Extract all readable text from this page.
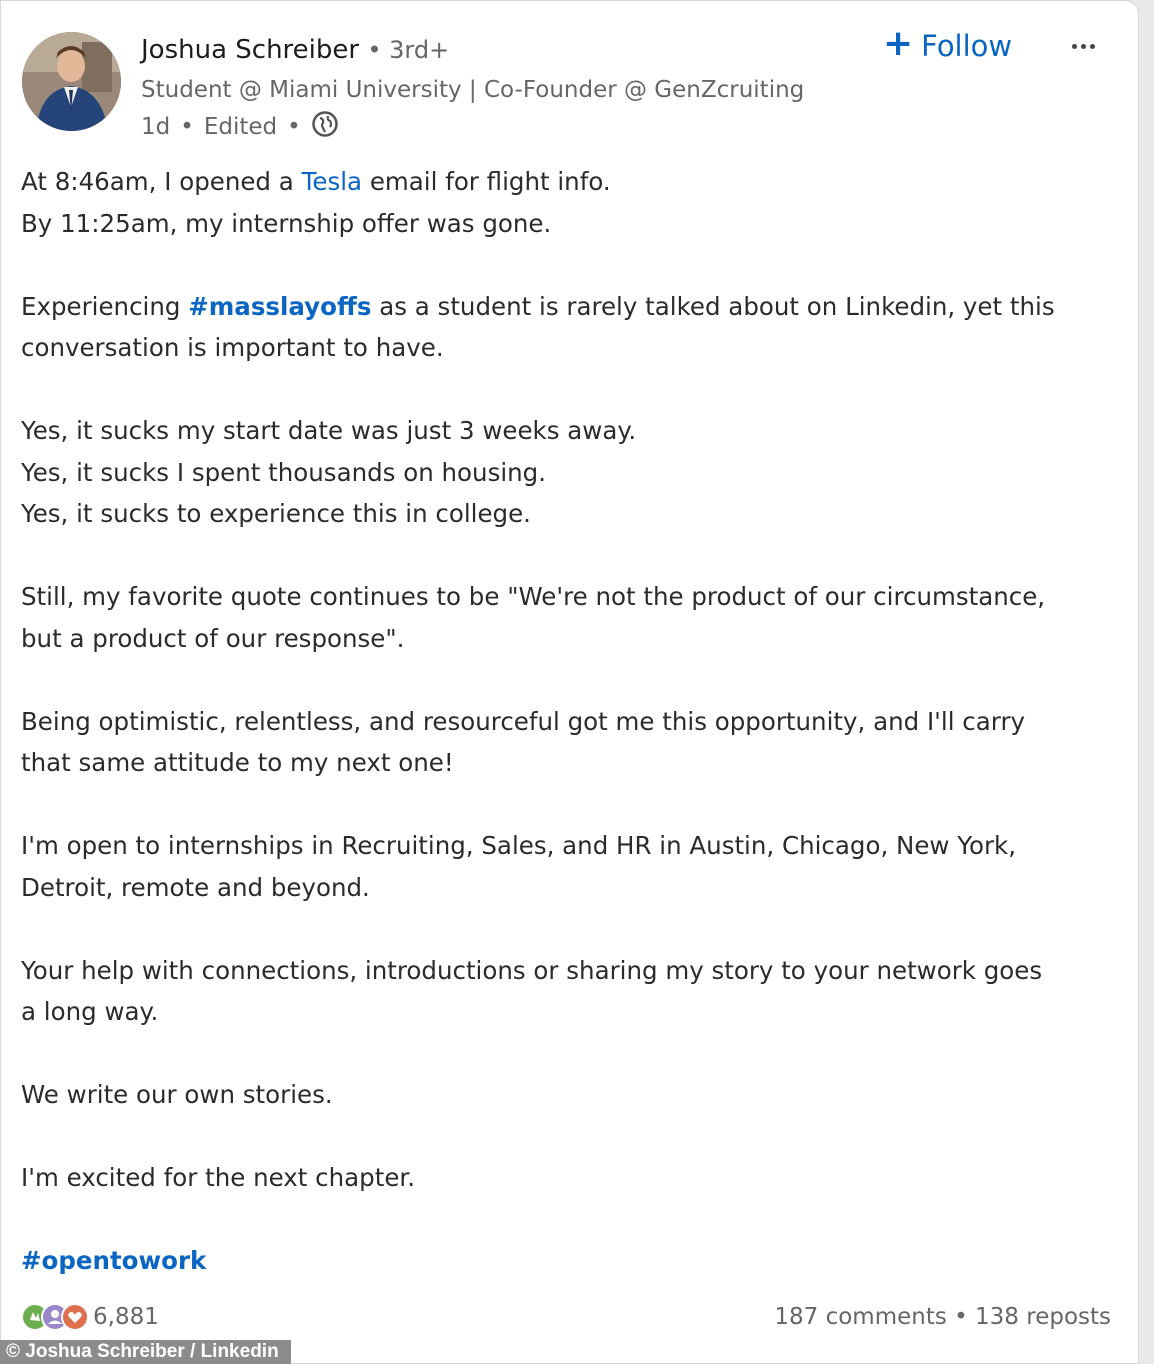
Joshua Schreiber • 3rd+
Student @ Miami University | Co-Founder @ GenZcruiting
1d • Edited •
+ Follow

At 8:46am, I opened a Tesla email for flight info.

By 11:25am, my internship offer was gone.

Experiencing #masslayoffs as a student is rarely talked about on Linkedin, yet this

conversation is important to have.

Yes, it sucks my start date was just 3 weeks away.

Yes, it sucks I spent thousands on housing.

Yes, it sucks to experience this in college.

Still, my favorite quote continues to be "We're not the product of our circumstance,

but a product of our response".

Being optimistic, relentless, and resourceful got me this opportunity, and I'll carry

that same attitude to my next one!

I'm open to internships in Recruiting, Sales, and HR in Austin, Chicago, New York,

Detroit, remote and beyond.

Your help with connections, introductions or sharing my story to your network goes

a long way.

We write our own stories.

I'm excited for the next chapter.

#opentowork

6,881	187 comments • 138 reposts
© Joshua Schreiber / Linkedin
